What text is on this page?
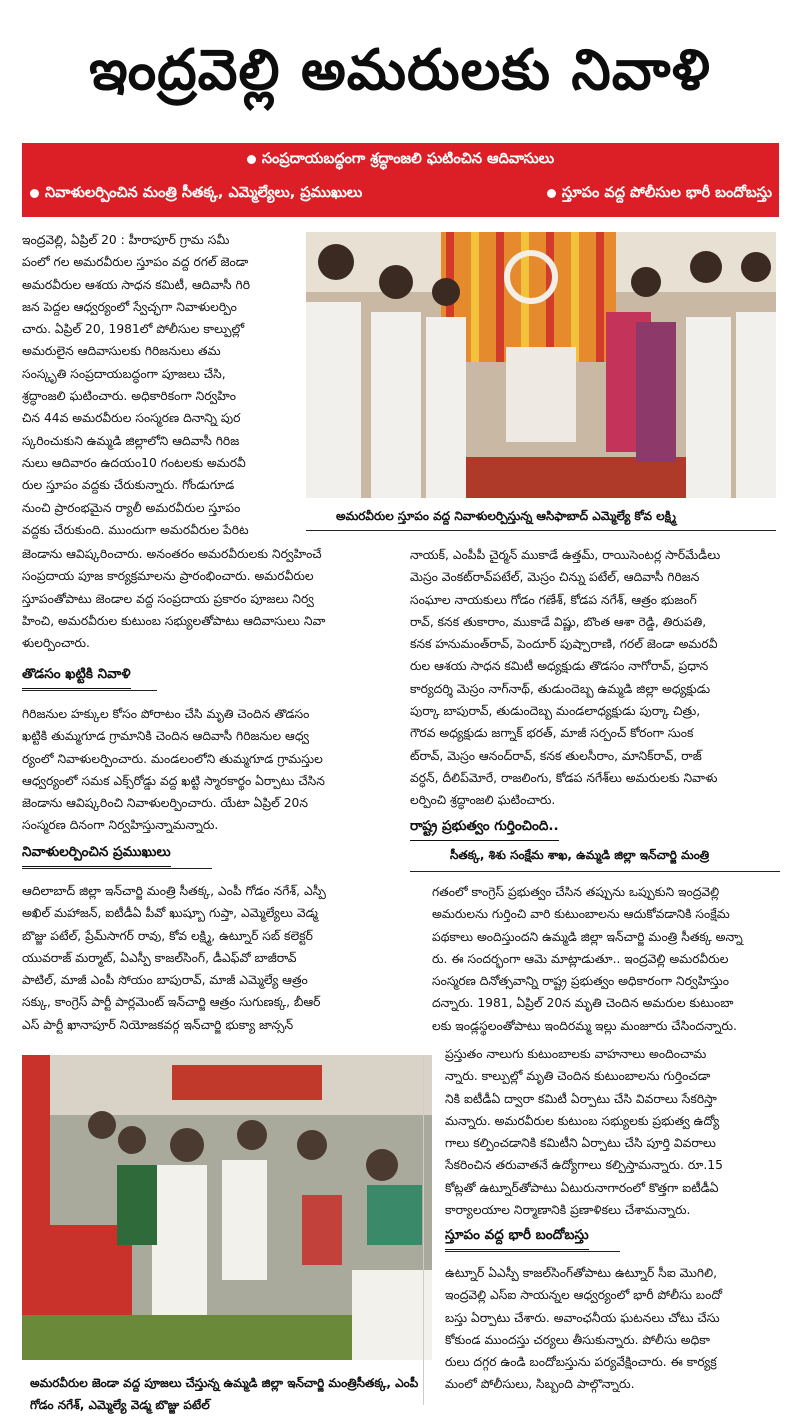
ఇంద్రవెల్లి అమరులకు నివాళి
సంప్రదాయబద్ధంగా శ్రద్ధాంజలి ఘటించిన ఆదివాసులు
నివాళులర్పించిన మంత్రి సీతక్క, ఎమ్మెల్యేలు, ప్రముఖులు	స్తూపం వద్ద పోలీసుల భారీ బందోబస్తు
ఇంద్రవెల్లి, ఏప్రిల్ 20 : హీరాపూర్ గ్రామ సమీ
పంలో గల అమరవీరుల స్తూపం వద్ద రగల్ జెండా
అమరవీరుల ఆశయ సాధన కమిటీ, ఆదివాసీ గిరి
జన పెద్దల ఆధ్వర్యంలో స్వేచ్ఛగా నివాళులర్పిం
చారు. ఏప్రిల్ 20, 1981లో పోలీసుల కాల్పుల్లో
అమరులైన ఆదివాసులకు గిరిజనులు తమ
సంస్కృతి సంప్రదాయబద్ధంగా పూజలు చేసి,
శ్రద్ధాంజలి ఘటించారు. అధికారికంగా నిర్వహిం
చిన 44వ అమరవీరుల సంస్మరణ దినాన్ని పుర
స్కరించుకుని ఉమ్మడి జిల్లాలోని ఆదివాసీ గిరిజ
నులు ఆదివారం ఉదయం10 గంటలకు అమరవీ
రుల స్తూపం వద్దకు చేరుకున్నారు. గోండుగూడ
నుంచి ప్రారంభమైన ర్యాలీ అమరవీరుల స్తూపం
వద్దకు చేరుకుంది. ముందుగా అమరవీరుల పేరిట
అమరవీరుల స్తూపం వద్ద నివాళులర్పిస్తున్న ఆసిఫాబాద్ ఎమ్మెల్యే కోవ లక్ష్మి
జెండాను ఆవిష్కరించారు. అనంతరం అమరవీరులకు నిర్వహించే
సంప్రదాయ పూజ కార్యక్రమాలను ప్రారంభించారు. అమరవీరుల
స్తూపంతోపాటు జెండాల వద్ద సంప్రదాయ ప్రకారం పూజలు నిర్వ
హించి, అమరవీరుల కుటుంబ సభ్యులతోపాటు ఆదివాసులు నివా
ళులర్పించారు.
తొడసం ఖట్టికి నివాళి
గిరిజనుల హక్కుల కోసం పోరాటం చేసి మృతి చెందిన తొడసం
ఖట్టికి తుమ్మగూడ గ్రామానికి చెందిన ఆదివాసీ గిరిజనుల ఆధ్వ
ర్యంలో నివాళులర్పించారు. మండలంలోని తుమ్మగూడ గ్రామస్తుల
ఆధ్వర్యంలో సమక ఎక్స్‌రోడ్డు వద్ద ఖట్టి స్మారకార్థం ఏర్పాటు చేసిన
జెండాను ఆవిష్కరించి నివాళులర్పించారు. యేటా ఏప్రిల్ 20న
సంస్మరణ దినంగా నిర్వహిస్తున్నామన్నారు.
నివాళులర్పించిన ప్రముఖులు
ఆదిలాబాద్ జిల్లా ఇన్‌చార్జి మంత్రి సీతక్క, ఎంపీ గోడం నగేశ్, ఎస్పీ
అఖిల్ మహాజన్, ఐటీడీఏ పీవో ఖుష్బూ గుప్తా, ఎమ్మెల్యేలు వెడ్మ
బొజ్జు పటేల్, ప్రేమ్‌సాగర్ రావు, కోవ లక్ష్మి, ఉట్నూర్ సబ్ కలెక్టర్
యువరాజ్ మర్మాట్, ఏఎస్పీ కాజల్‌సింగ్, డీఎఫ్‌వో బాజీరావ్
పాటిల్, మాజీ ఎంపీ సోయం బాపురావ్, మాజీ ఎమ్మెల్యే ఆత్రం
సక్కు, కాంగ్రెస్ పార్టీ పార్లమెంట్ ఇన్‌చార్జి ఆత్రం సుగుణక్క, బీఆర్
ఎస్ పార్టీ ఖానాపూర్ నియోజకవర్గ ఇన్‌చార్జి భుక్యా జాన్సన్
అమరవీరుల జెండా వద్ద పూజలు చేస్తున్న ఉమ్మడి జిల్లా ఇన్‌చార్జి మంత్రిసీతక్క, ఎంపీ గోడం నగేశ్, ఎమ్మెల్యే వెడ్మ బొజ్జు పటేల్
నాయక్, ఎంపీపీ చైర్మన్ ముకాడే ఉత్తమ్, రాయిసెంటర్ల సార్‌మేడీలు
మెస్రం వెంకట్‌రావ్‌పటేల్, మెస్రం చిన్ను పటేల్, ఆదివాసీ గిరిజన
సంఘాల నాయకులు గోడం గణేశ్, కోడప నగేశ్, ఆత్రం భుజంగ్
రావ్, కనక తుకారాం, ముకాడే విష్ణు, బొంత ఆశా రెడ్డి, తిరుపతి,
కనక హనుమంత్‌రావ్, పెందూర్ పుష్పారాణి, గరల్ జెండా అమరవీ
రుల ఆశయ సాధన కమిటీ అధ్యక్షుడు తొడసం నాగోరావ్, ప్రధాన
కార్యదర్శి మెస్రం నాగ్‌నాథ్, తుడుందెబ్బ ఉమ్మడి జిల్లా అధ్యక్షుడు
పుర్కా బాపురావ్, తుడుందెబ్బ మండలాధ్యక్షుడు పుర్కా చిత్రు,
గౌరవ అధ్యక్షుడు జగ్నాక్ భరత్, మాజీ సర్పంచ్ కోరంగా సుంక
ట్‌రావ్, మెస్రం ఆనంద్‌రావ్, కనక తులసీరాం, మానిక్‌రావ్, రాజ్
వర్ధన్, దీలిప్‌మోరే, రాజలింగు, కోడప నగేశ్‌లు అమరులకు నివాళు
లర్పించి శ్రద్ధాంజలి ఘటించారు.
రాష్ట్ర ప్రభుత్వం గుర్తించింది..
సీతక్క, శిశు సంక్షేమ శాఖ, ఉమ్మడి జిల్లా ఇన్‌చార్జి మంత్రి
గతంలో కాంగ్రెస్ ప్రభుత్వం చేసిన తప్పును ఒప్పుకుని ఇంద్రవెల్లి
అమరులను గుర్తించి వారి కుటుంబాలను ఆదుకోవడానికి సంక్షేమ
పథకాలు అందిస్తుందని ఉమ్మడి జిల్లా ఇన్‌చార్జి మంత్రి సీతక్క అన్నా
రు. ఈ సందర్భంగా ఆమె మాట్లాడుతూ.. ఇంద్రవెల్లి అమరవీరుల
సంస్మరణ దినోత్సవాన్ని రాష్ట్ర ప్రభుత్వం అధికారంగా నిర్వహిస్తుం
దన్నారు. 1981, ఏప్రిల్ 20న మృతి చెందిన అమరుల కుటుంబా
లకు ఇండ్లస్థలంతోపాటు ఇందిరమ్మ ఇల్లు మంజూరు చేసిందన్నారు.
ప్రస్తుతం నాలుగు కుటుంబాలకు వాహనాలు అందించామ
న్నారు. కాల్పుల్లో మృతి చెందిన కుటుంబాలను గుర్తించడా
నికి ఐటీడీఏ ద్వారా కమిటీ ఏర్పాటు చేసి వివరాలు సేకరిస్తా
మన్నారు. అమరవీరుల కుటుంబ సభ్యులకు ప్రభుత్వ ఉద్యో
గాలు కల్పించడానికి కమిటీని ఏర్పాటు చేసి పూర్తి వివరాలు
సేకరించిన తరువాతనే ఉద్యోగాలు కల్పిస్తామన్నారు. రూ.15
కోట్లతో ఉట్నూర్‌తోపాటు ఏటురునాగారంలో కొత్తగా ఐటీడీఏ
కార్యాలయాల నిర్మాణానికి ప్రణాళికలు చేశామన్నారు.
స్తూపం వద్ద భారీ బందోబస్తు
ఉట్నూర్ ఏఎస్పీ కాజల్‌సింగ్‌తోపాటు ఉట్నూర్ సీఐ మొగిలి,
ఇంద్రవెల్లి ఎస్ఐ సాయన్నల ఆధ్వర్యంలో భారీ పోలీసు బందో
బస్తు ఏర్పాటు చేశారు. అవాంఛనీయ ఘటనలు చోటు చేసు
కోకుండ ముందస్తు చర్యలు తీసుకున్నారు. పోలీసు అధికా
రులు దగ్గర ఉండి బందోబస్తును పర్యవేక్షించారు. ఈ కార్యక్ర
మంలో పోలీసులు, సిబ్బంది పాల్గొన్నారు.
